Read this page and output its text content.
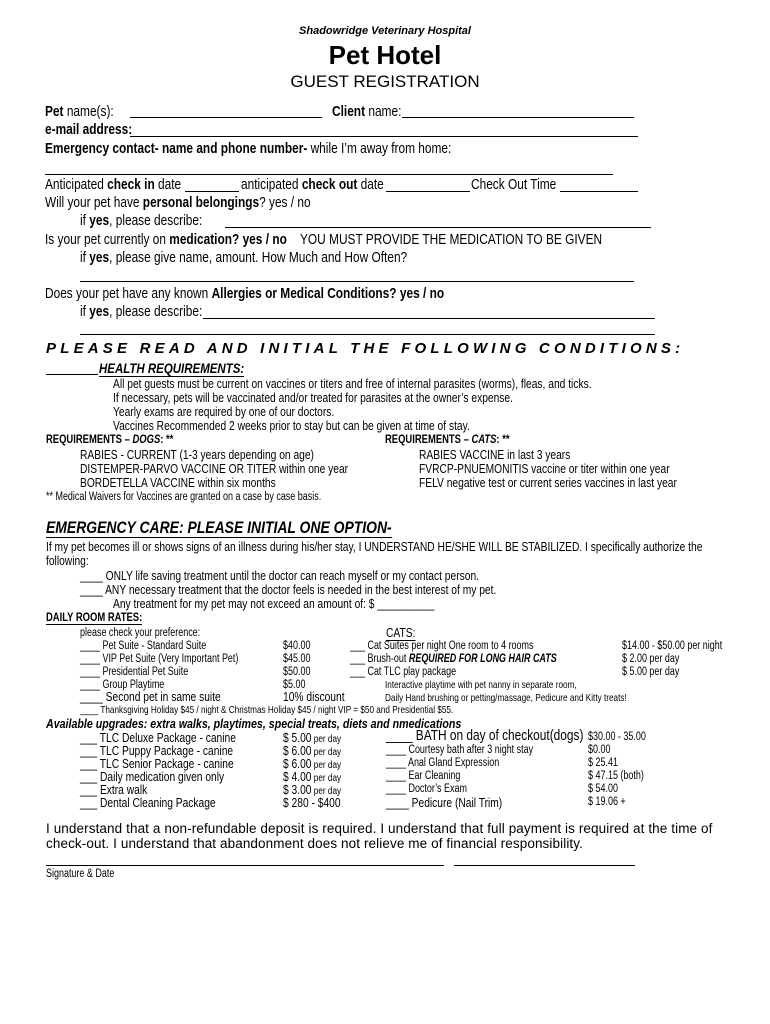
Shadowridge Veterinary Hospital
Pet Hotel
GUEST REGISTRATION
Pet name(s):	Client name:
e-mail address:
Emergency contact- name and phone number- while I’m away from home:
Anticipated check in date	anticipated check out date	Check Out Time
Will your pet have personal belongings? yes / no
if yes, please describe:
Is your pet currently on medication? yes / no YOU MUST PROVIDE THE MEDICATION TO BE GIVEN
if yes, please give name, amount. How Much and How Often?
Does your pet have any known Allergies or Medical Conditions? yes / no
if yes, please describe:
PLEASE READ AND INITIAL THE FOLLOWING CONDITIONS:
HEALTH REQUIREMENTS:
All pet guests must be current on vaccines or titers and free of internal parasites (worms), fleas, and ticks.
If necessary, pets will be vaccinated and/or treated for parasites at the owner’s expense.
Yearly exams are required by one of our doctors.
Vaccines Recommended 2 weeks prior to stay but can be given at time of stay.
REQUIREMENTS – DOGS: **
RABIES - CURRENT (1-3 years depending on age)
DISTEMPER-PARVO VACCINE OR TITER within one year
BORDETELLA VACCINE within six months
REQUIREMENTS – CATS: **
RABIES VACCINE in last 3 years
FVRCP-PNUEMONITIS vaccine or titer within one year
FELV negative test or current series vaccines in last year
** Medical Waivers for Vaccines are granted on a case by case basis.
EMERGENCY CARE: PLEASE INITIAL ONE OPTION-
If my pet becomes ill or shows signs of an illness during his/her stay, I UNDERSTAND HE/SHE WILL BE STABILIZED. I specifically authorize the
following:
____ ONLY life saving treatment until the doctor can reach myself or my contact person.
____ ANY necessary treatment that the doctor feels is needed in the best interest of my pet.
Any treatment for my pet may not exceed an amount of: $ __________
DAILY ROOM RATES:
please check your preference:	CATS:
____ Pet Suite - Standard Suite	$40.00
____ VIP Pet Suite (Very Important Pet)	$45.00
____ Presidential Pet Suite	$50.00
____ Group Playtime	$5.00
____ Second pet in same suite	10% discount
___ Cat Suites per night One room to 4 rooms	$14.00 - $50.00 per night
___ Brush-out REQUIRED FOR LONG HAIR CATS	$ 2.00 per day
___ Cat TLC play package	$ 5.00 per day
Interactive playtime with pet nanny in separate room,
Daily Hand brushing or petting/massage, Pedicure and Kitty treats!
____ Thanksgiving Holiday $45 / night & Christmas Holiday $45 / night VIP = $50 and Presidential $55.
Available upgrades: extra walks, playtimes, special treats, diets and nmedications
___ TLC Deluxe Package - canine	$ 5.00 per day
___ TLC Puppy Package - canine	$ 6.00 per day
___ TLC Senior Package - canine	$ 6.00 per day
___ Daily medication given only	$ 4.00 per day
___ Extra walk	$ 3.00 per day
___ Dental Cleaning Package	$ 280 - $400
____ BATH on day of checkout(dogs) $30.00 - 35.00
____ Courtesy bath after 3 night stay	$0.00
____ Anal Gland Expression	$ 25.41
____ Ear Cleaning	$ 47.15 (both)
____ Doctor’s Exam	$ 54.00
____ Pedicure (Nail Trim)	$ 19.06 +
I understand that a non-refundable deposit is required. I understand that full payment is required at the time of
check-out. I understand that abandonment does not relieve me of financial responsibility.
Signature & Date
